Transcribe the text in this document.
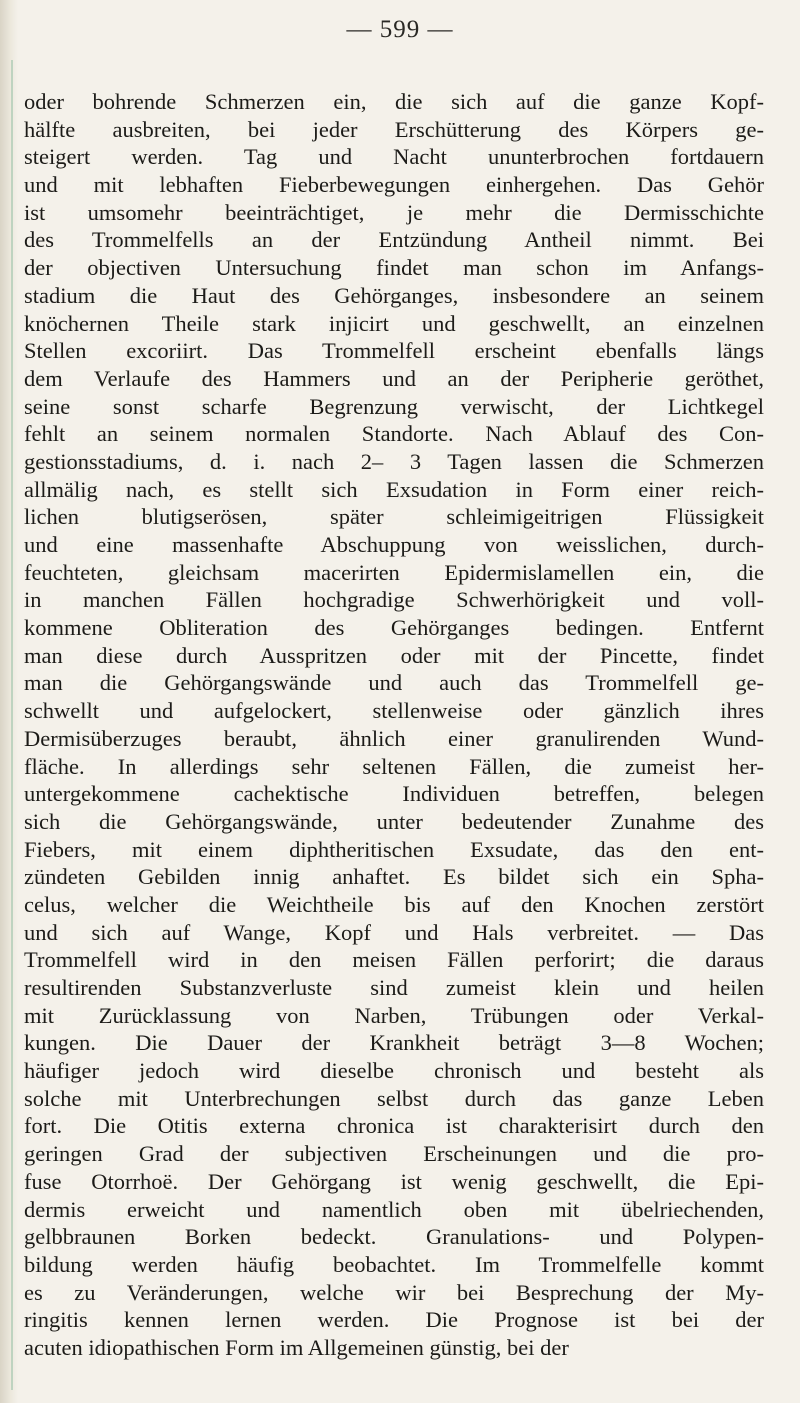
— 599 —
oder bohrende Schmerzen ein, die sich auf die ganze Kopf-
hälfte ausbreiten, bei jeder Erschütterung des Körpers ge-
steigert werden. Tag und Nacht ununterbrochen fortdauern
und mit lebhaften Fieberbewegungen einhergehen. Das Gehör
ist umsomehr beeinträchtiget, je mehr die Dermisschichte
des Trommelfells an der Entzündung Antheil nimmt. Bei
der objectiven Untersuchung findet man schon im Anfangs-
stadium die Haut des Gehörganges, insbesondere an seinem
knöchernen Theile stark injicirt und geschwellt, an einzelnen
Stellen excoriirt. Das Trommelfell erscheint ebenfalls längs
dem Verlaufe des Hammers und an der Peripherie geröthet,
seine sonst scharfe Begrenzung verwischt, der Lichtkegel
fehlt an seinem normalen Standorte. Nach Ablauf des Con-
gestionsstadiums, d. i. nach 2– 3 Tagen lassen die Schmerzen
allmälig nach, es stellt sich Exsudation in Form einer reich-
lichen blutigserösen, später schleimigeitrigen Flüssigkeit
und eine massenhafte Abschuppung von weisslichen, durch-
feuchteten, gleichsam macerirten Epidermislamellen ein, die
in manchen Fällen hochgradige Schwerhörigkeit und voll-
kommene Obliteration des Gehörganges bedingen. Entfernt
man diese durch Ausspritzen oder mit der Pincette, findet
man die Gehörgangswände und auch das Trommelfell ge-
schwellt und aufgelockert, stellenweise oder gänzlich ihres
Dermisüberzuges beraubt, ähnlich einer granulirenden Wund-
fläche. In allerdings sehr seltenen Fällen, die zumeist her-
untergekommene cachektische Individuen betreffen, belegen
sich die Gehörgangswände, unter bedeutender Zunahme des
Fiebers, mit einem diphtheritischen Exsudate, das den ent-
zündeten Gebilden innig anhaftet. Es bildet sich ein Spha-
celus, welcher die Weichtheile bis auf den Knochen zerstört
und sich auf Wange, Kopf und Hals verbreitet. — Das
Trommelfell wird in den meisen Fällen perforirt; die daraus
resultirenden Substanzverluste sind zumeist klein und heilen
mit Zurücklassung von Narben, Trübungen oder Verkal-
kungen. Die Dauer der Krankheit beträgt 3—8 Wochen;
häufiger jedoch wird dieselbe chronisch und besteht als
solche mit Unterbrechungen selbst durch das ganze Leben
fort. Die Otitis externa chronica ist charakterisirt durch den
geringen Grad der subjectiven Erscheinungen und die pro-
fuse Otorrhoë. Der Gehörgang ist wenig geschwellt, die Epi-
dermis erweicht und namentlich oben mit übelriechenden,
gelbbraunen Borken bedeckt. Granulations- und Polypen-
bildung werden häufig beobachtet. Im Trommelfelle kommt
es zu Veränderungen, welche wir bei Besprechung der My-
ringitis kennen lernen werden. Die Prognose ist bei der
acuten idiopathischen Form im Allgemeinen günstig, bei der
